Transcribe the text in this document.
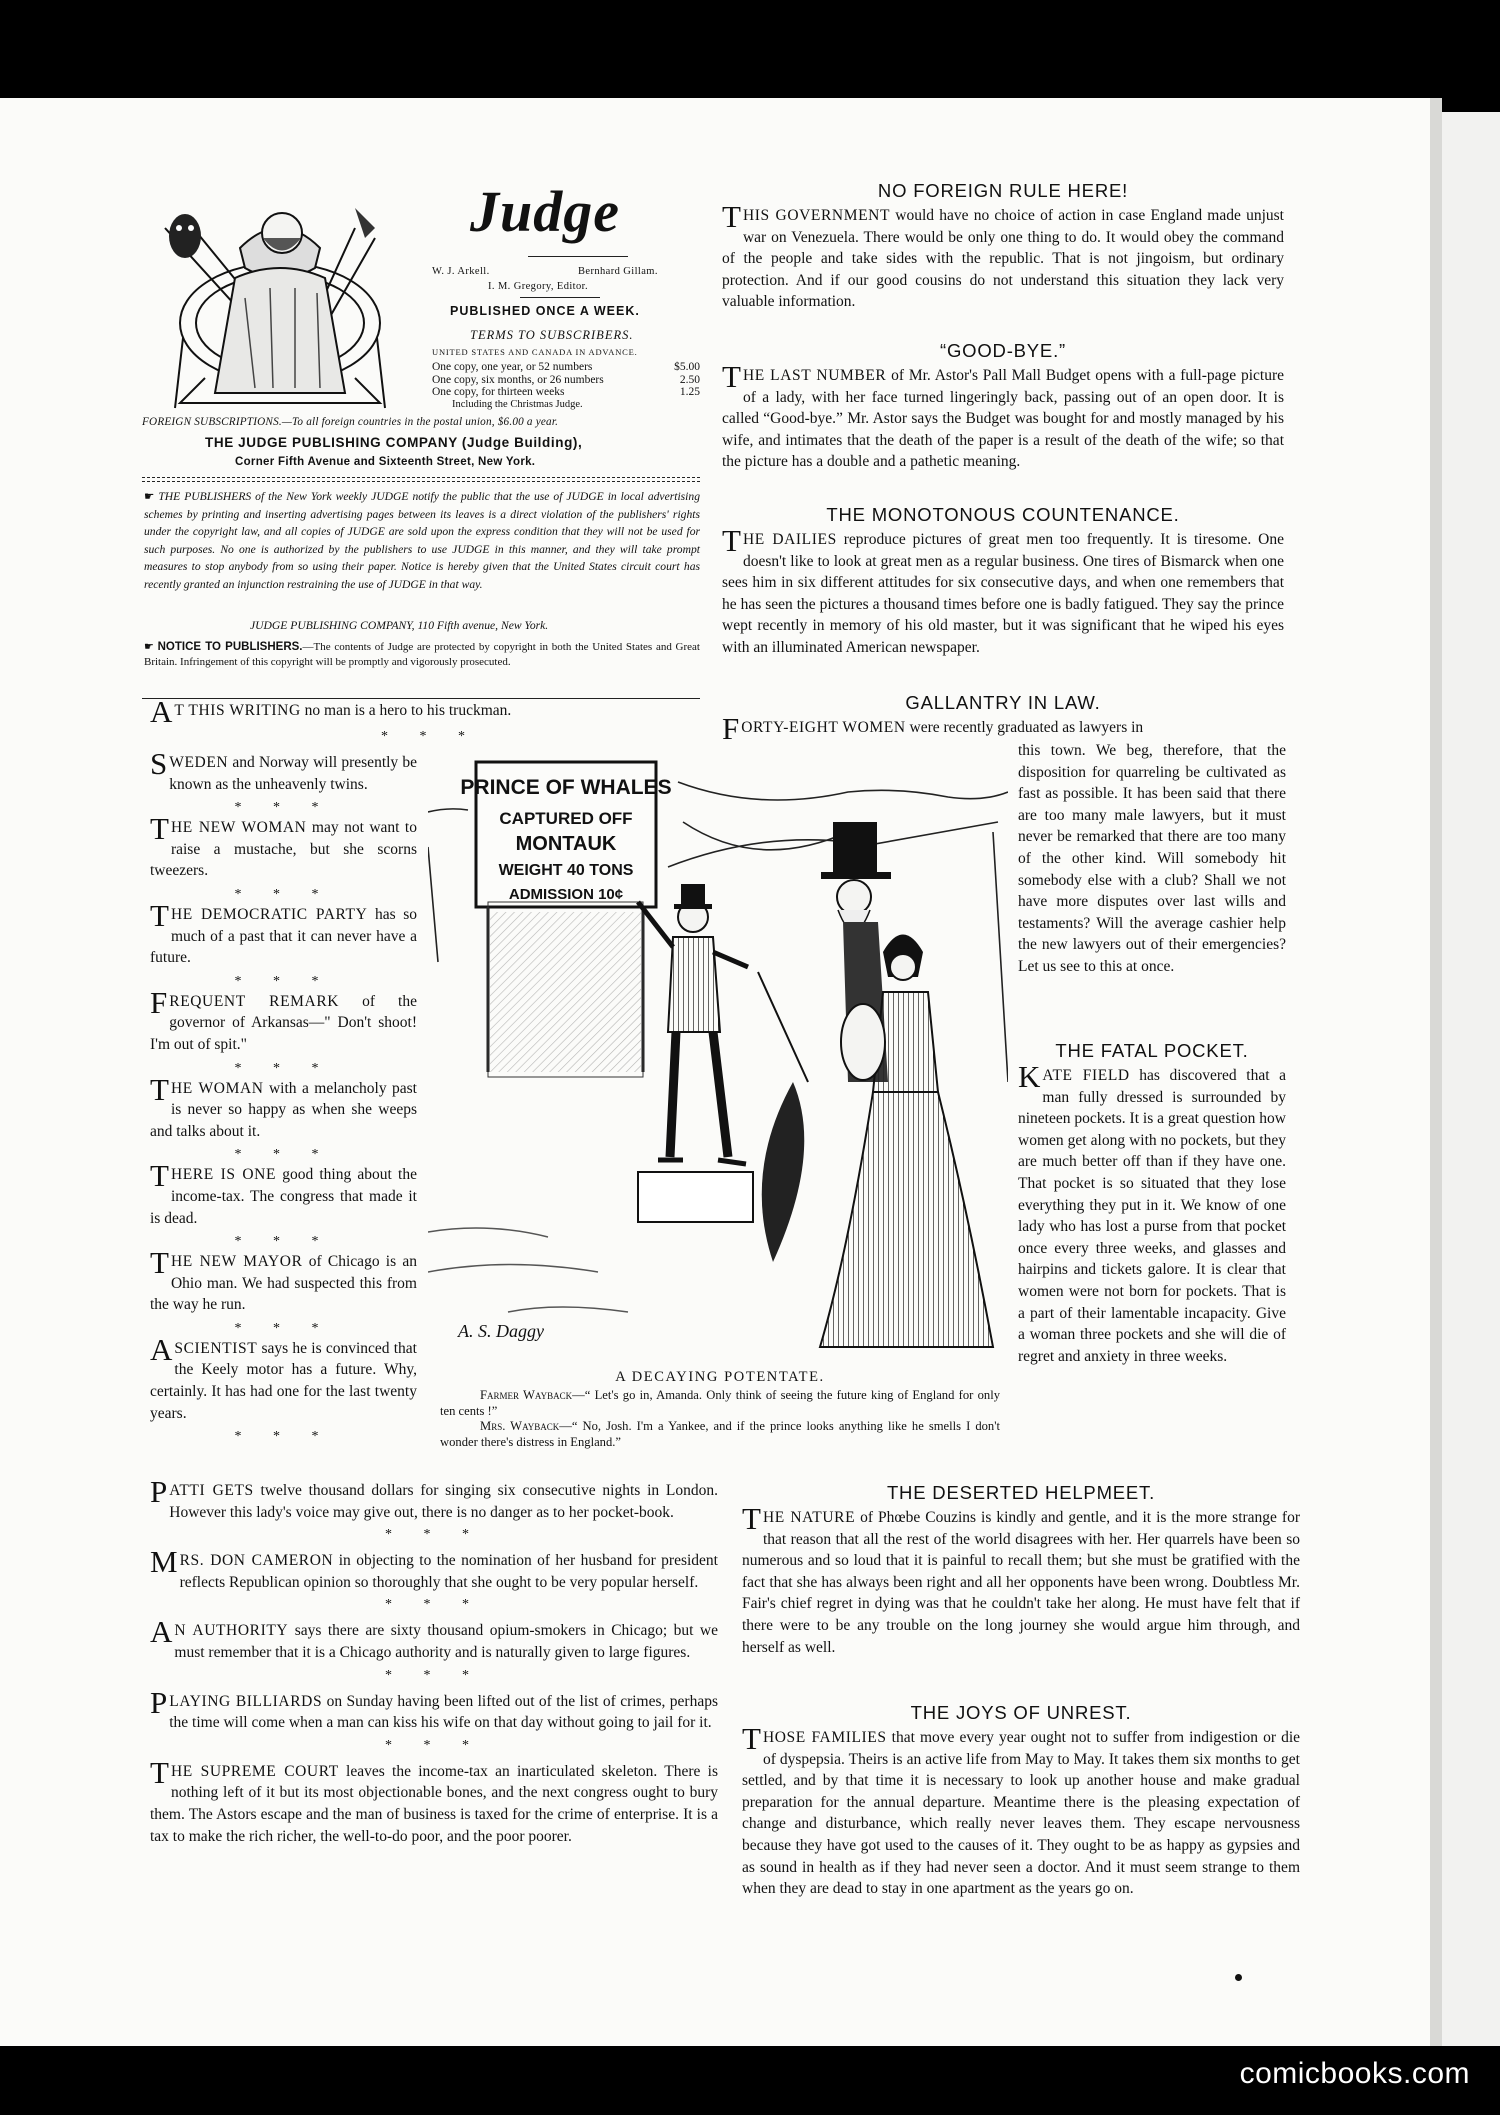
Judge
W. J. Arkell.	Bernhard Gillam.
I. M. Gregory, Editor.
PUBLISHED ONCE A WEEK.
TERMS TO SUBSCRIBERS.
UNITED STATES AND CANADA IN ADVANCE.
One copy, one year, or 52 numbers	$5.00
One copy, six months, or 26 numbers	2.50
One copy, for thirteen weeks	1.25
Including the Christmas Judge.
FOREIGN SUBSCRIPTIONS.—To all foreign countries in the postal union, $6.00 a year.
THE JUDGE PUBLISHING COMPANY (Judge Building),
Corner Fifth Avenue and Sixteenth Street, New York.
☛ THE PUBLISHERS of the New York weekly JUDGE notify the public that the use of JUDGE in local advertising schemes by printing and inserting advertising pages between its leaves is a direct violation of the publishers' rights under the copyright law, and all copies of JUDGE are sold upon the express condition that they will not be used for such purposes. No one is authorized by the publishers to use JUDGE in this manner, and they will take prompt measures to stop anybody from so using their paper. Notice is hereby given that the United States circuit court has recently granted an injunction restraining the use of JUDGE in that way.
JUDGE PUBLISHING COMPANY, 110 Fifth avenue, New York.
☛ NOTICE TO PUBLISHERS.—The contents of Judge are protected by copyright in both the United States and Great Britain. Infringement of this copyright will be promptly and vigorously prosecuted.

A T THIS WRITING no man is a hero to his truckman.

* * *

SWEDEN and Norway will presently be known as the unheavenly twins.

* * *

THE NEW WOMAN may not want to raise a mustache, but she scorns tweezers.

* * *

THE DEMOCRATIC PARTY has so much of a past that it can never have a future.

* * *

FREQUENT REMARK of the governor of Arkansas—" Don't shoot! I'm out of spit."

* * *

THE WOMAN with a melancholy past is never so happy as when she weeps and talks about it.

* * *

THERE IS ONE good thing about the income-tax. The congress that made it is dead.

* * *

THE NEW MAYOR of Chicago is an Ohio man. We had suspected this from the way he run.

* * *

A SCIENTIST says he is convinced that the Keely motor has a future. Why, certainly. It has had one for the last twenty years.

* * *
PRINCE OF WHALES
CAPTURED OFF
MONTAUK
WEIGHT 40 TONS
ADMISSION 10¢
A. S. Daggy
A DECAYING POTENTATE.

Farmer Wayback—“ Let's go in, Amanda. Only think of seeing the future king of England for only ten cents !”

Mrs. Wayback—“ No, Josh. I'm a Yankee, and if the prince looks anything like he smells I don't wonder there's distress in England.”

NO FOREIGN RULE HERE!

THIS GOVERNMENT would have no choice of action in case England made unjust war on Venezuela. There would be only one thing to do. It would obey the command of the people and take sides with the republic. That is not jingoism, but ordinary protection. And if our good cousins do not understand this situation they lack very valuable information.

“GOOD-BYE.”

THE LAST NUMBER of Mr. Astor's Pall Mall Budget opens with a full-page picture of a lady, with her face turned lingeringly back, passing out of an open door. It is called “Good-bye.” Mr. Astor says the Budget was bought for and mostly managed by his wife, and intimates that the death of the paper is a result of the death of the wife; so that the picture has a double and a pathetic meaning.

THE MONOTONOUS COUNTENANCE.

THE DAILIES reproduce pictures of great men too frequently. It is tiresome. One doesn't like to look at great men as a regular business. One tires of Bismarck when one sees him in six different attitudes for six consecutive days, and when one remembers that he has seen the pictures a thousand times before one is badly fatigued. They say the prince wept recently in memory of his old master, but it was significant that he wiped his eyes with an illuminated American newspaper.

GALLANTRY IN LAW.

FORTY-EIGHT WOMEN were recently graduated as lawyers in

this town. We beg, therefore, that the disposition for quarreling be cultivated as fast as possible. It has been said that there are too many male lawyers, but it must never be remarked that there are too many of the other kind. Will somebody hit somebody else with a club? Shall we not have more disputes over last wills and testaments? Will the average cashier help the new lawyers out of their emergencies? Let us see to this at once.

THE FATAL POCKET.

KATE FIELD has discovered that a man fully dressed is surrounded by nineteen pockets. It is a great question how women get along with no pockets, but they are much better off than if they have one. That pocket is so situated that they lose everything they put in it. We know of one lady who has lost a purse from that pocket once every three weeks, and glasses and hairpins and tickets galore. It is clear that women were not born for pockets. That is a part of their lamentable incapacity. Give a woman three pockets and she will die of regret and anxiety in three weeks.

PATTI GETS twelve thousand dollars for singing six consecutive nights in London. However this lady's voice may give out, there is no danger as to her pocket-book.

* * *

MRS. DON CAMERON in objecting to the nomination of her husband for president reflects Republican opinion so thoroughly that she ought to be very popular herself.

* * *

A N AUTHORITY says there are sixty thousand opium-smokers in Chicago; but we must remember that it is a Chicago authority and is naturally given to large figures.

* * *

PLAYING BILLIARDS on Sunday having been lifted out of the list of crimes, perhaps the time will come when a man can kiss his wife on that day without going to jail for it.

* * *

THE SUPREME COURT leaves the income-tax an inarticulated skeleton. There is nothing left of it but its most objectionable bones, and the next congress ought to bury them. The Astors escape and the man of business is taxed for the crime of enterprise. It is a tax to make the rich richer, the well-to-do poor, and the poor poorer.

THE DESERTED HELPMEET.

THE NATURE of Phœbe Couzins is kindly and gentle, and it is the more strange for that reason that all the rest of the world disagrees with her. Her quarrels have been so numerous and so loud that it is painful to recall them; but she must be gratified with the fact that she has always been right and all her opponents have been wrong. Doubtless Mr. Fair's chief regret in dying was that he couldn't take her along. He must have felt that if there were to be any trouble on the long journey she would argue him through, and herself as well.

THE JOYS OF UNREST.

THOSE FAMILIES that move every year ought not to suffer from indigestion or die of dyspepsia. Theirs is an active life from May to May. It takes them six months to get settled, and by that time it is necessary to look up another house and make gradual preparation for the annual departure. Meantime there is the pleasing expectation of change and disturbance, which really never leaves them. They escape nervousness because they have got used to the causes of it. They ought to be as happy as gypsies and as sound in health as if they had never seen a doctor. And it must seem strange to them when they are dead to stay in one apartment as the years go on.

comicbooks.com
